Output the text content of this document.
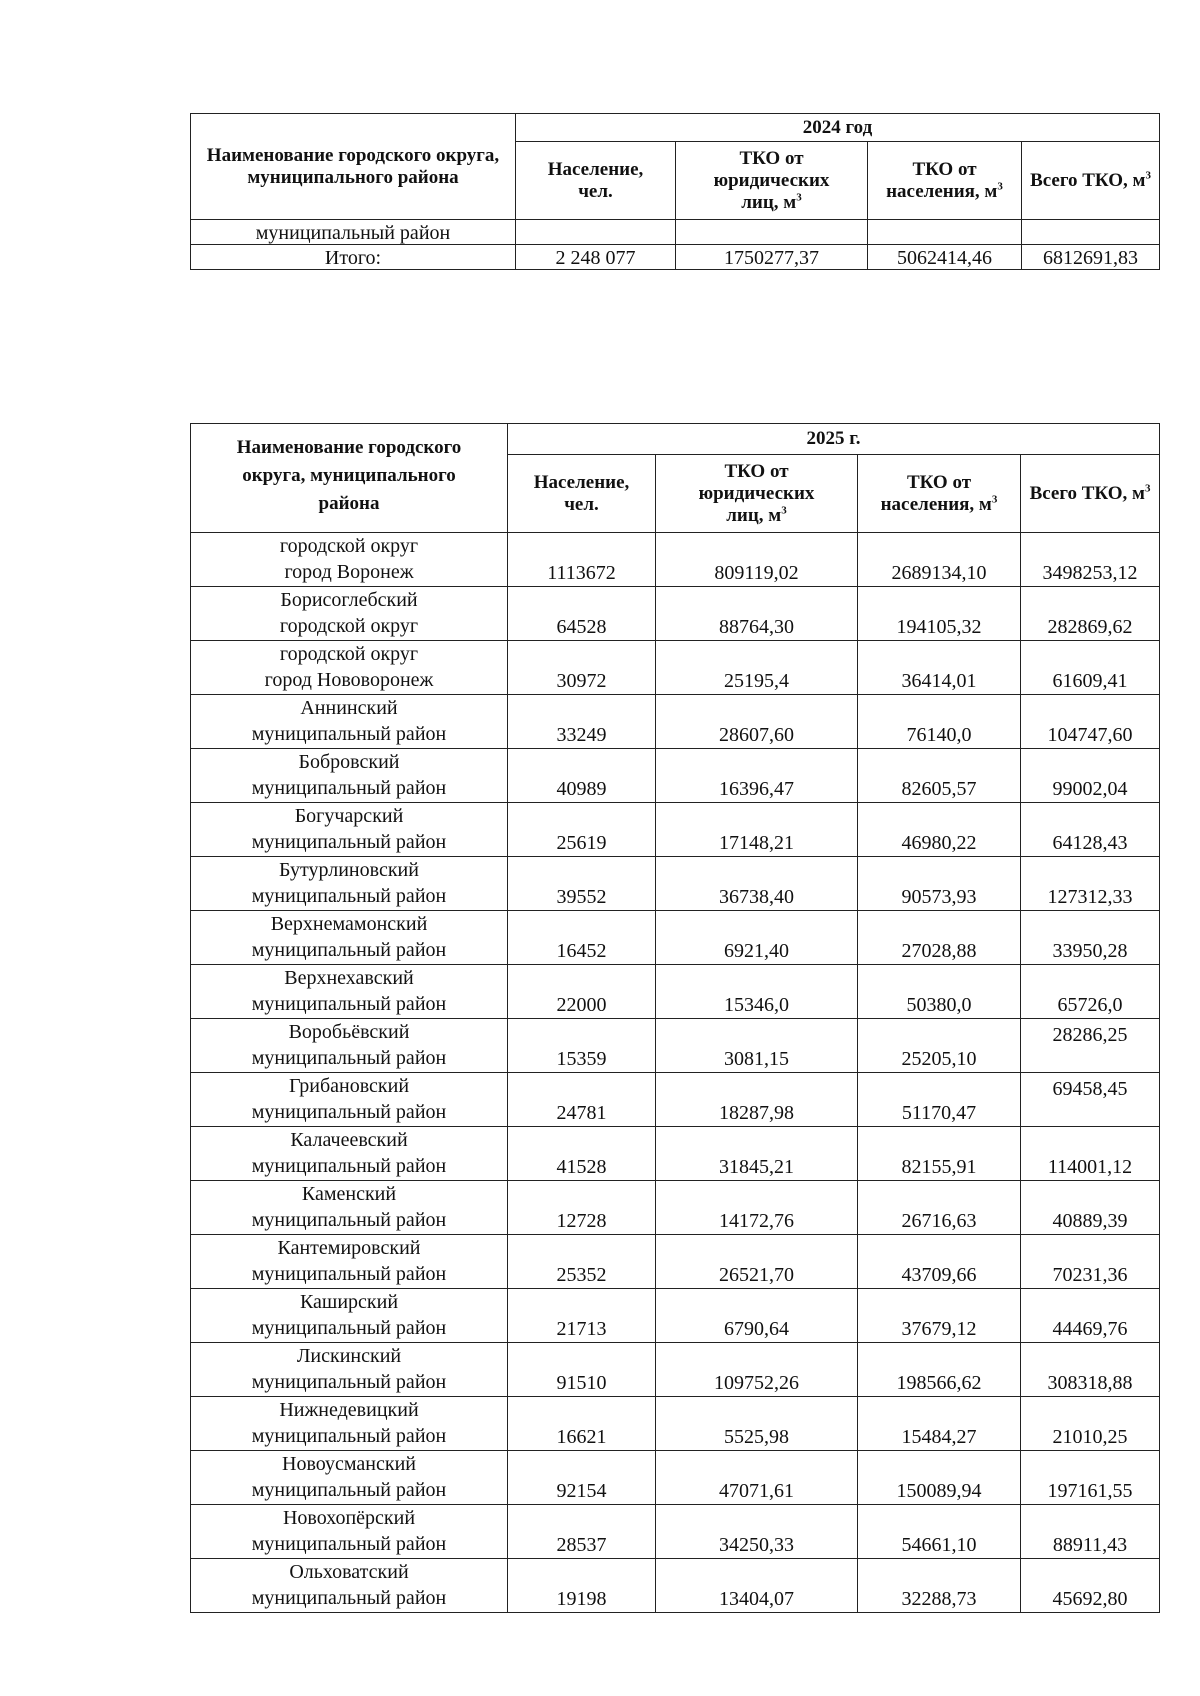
Наименование городского округа, муниципального района	2024 год			
	Население, чел.	ТКО от юридических лиц, $м^3$	ТКО от населения, $м^3$	Всего ТКО, $м^3$
муниципальный район				
Итого:	2 248 077	1750277,37	5062414,46	6812691,83
Наименование городского округа, муниципального района	2025 г.			
	Население, чел.	ТКО от юридических лиц, $м^3$	ТКО от населения, $м^3$	Всего ТКО, $м^3$

городской округ
город Воронеж	1113672	809119,02	2689134,10	3498253,12

Борисоглебский
городской округ	64528	88764,30	194105,32	282869,62

городской округ
город Нововоронеж	30972	25195,4	36414,01	61609,41

Аннинский
муниципальный район	33249	28607,60	76140,0	104747,60

Бобровский
муниципальный район	40989	16396,47	82605,57	99002,04

Богучарский
муниципальный район	25619	17148,21	46980,22	64128,43

Бутурлиновский
муниципальный район	39552	36738,40	90573,93	127312,33

Верхнемамонский
муниципальный район	16452	6921,40	27028,88	33950,28

Верхнехавский
муниципальный район	22000	15346,0	50380,0	65726,0

Воробьёвский
муниципальный район	15359	3081,15	25205,10	28286,25

Грибановский
муниципальный район	24781	18287,98	51170,47	69458,45

Калачеевский
муниципальный район	41528	31845,21	82155,91	114001,12

Каменский
муниципальный район	12728	14172,76	26716,63	40889,39

Кантемировский
муниципальный район	25352	26521,70	43709,66	70231,36

Каширский
муниципальный район	21713	6790,64	37679,12	44469,76

Лискинский
муниципальный район	91510	109752,26	198566,62	308318,88

Нижнедевицкий
муниципальный район	16621	5525,98	15484,27	21010,25

Новоусманский
муниципальный район	92154	47071,61	150089,94	197161,55

Новохопёрский
муниципальный район	28537	34250,33	54661,10	88911,43

Ольховатский
муниципальный район	19198	13404,07	32288,73	45692,80
